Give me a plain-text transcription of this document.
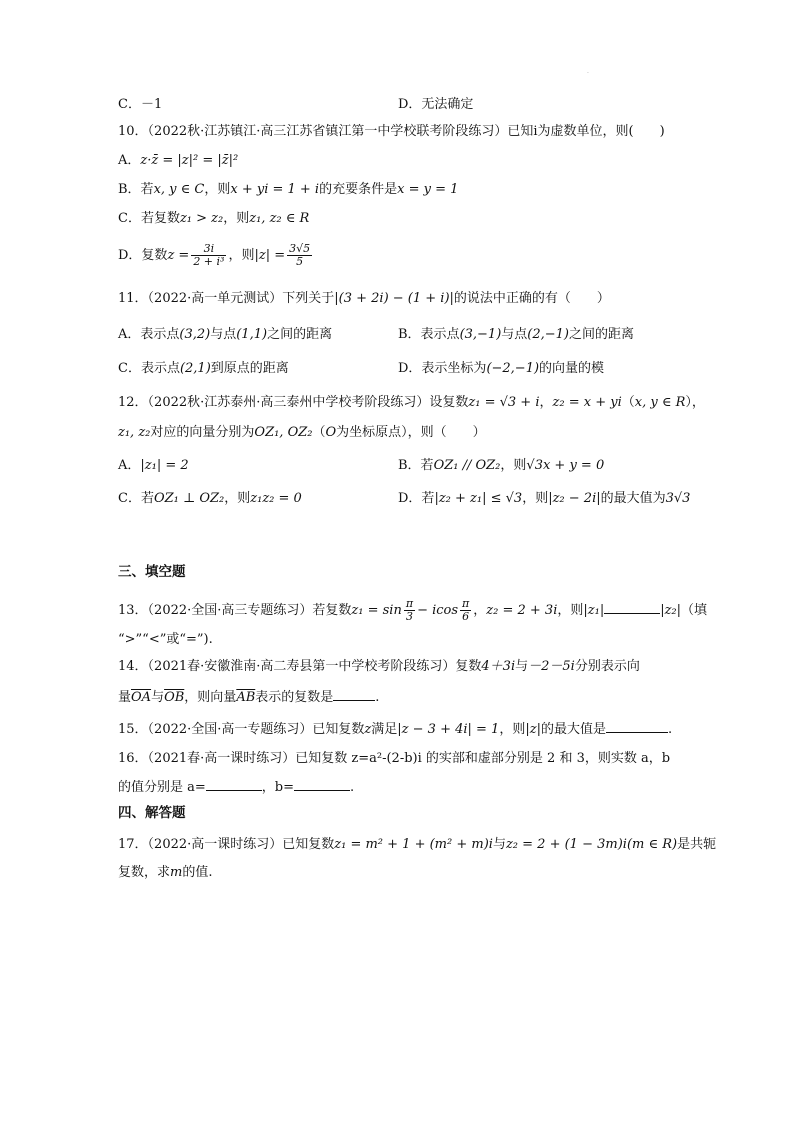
·
C．－1	D．无法确定
10．（2022秋·江苏镇江·高三江苏省镇江第一中学校联考阶段练习）已知i为虚数单位，则(　　)
A．z·z̄ = |z|² = |z̄|²
B．若x, y ∈ C，则x + yi = 1 + i的充要条件是x = y = 1
C．若复数z₁ > z₂，则z₁, z₂ ∈ R
D．复数$z = \frac{3i}{\text{2 + i³}}$ ，则$|z| = \frac{3√5}{5}$
11．（2022·高一单元测试）下列关于|(3 + 2i) − (1 + i)|的说法中正确的有（　　）
A．表示点(3,2)与点(1,1)之间的距离	B．表示点(3,−1)与点(2,−1)之间的距离
C．表示点(2,1)到原点的距离	D．表示坐标为(−2,−1)的向量的模
12．（2022秋·江苏泰州·高三泰州中学校考阶段练习）设复数z₁ = √3 + i，z₂ = x + yi（x, y ∈ R），
z₁, z₂对应的向量分别为OZ₁, OZ₂（O为坐标原点），则（　　）
A．|z₁| = 2	B．若OZ₁ // OZ₂，则√3x + y = 0
C．若OZ₁ ⊥ OZ₂，则z₁z₂ = 0	D．若|z₂ + z₁| ≤ √3，则|z₂ − 2i|的最大值为3√3
三、填空题
13．（2022·全国·高三专题练习）若复数$z_1 = \sin \frac{\pi}{3} - icos \frac{\pi}{6}$ ，z₂ = 2 + 3i，则|z₁|	|z₂|（填
“>”“<”或“=”).
14．（2021春·安徽淮南·高二寿县第一中学校考阶段练习）复数4＋3i与－2－5i分别表示向
量$\overline{OA}$与$\overline{OB}$，则向量$\overline{AB}$表示的复数是	.
15．（2022·全国·高一专题练习）已知复数z满足|z − 3 + 4i| = 1，则|z|的最大值是	.
16．（2021春·高一课时练习）已知复数 z=a²-(2-b)i 的实部和虚部分别是 2 和 3，则实数 a，b
的值分别是 a=	，b=	.
四、解答题
17．（2022·高一课时练习）已知复数z₁ = m² + 1 + (m² + m)i与z₂ = 2 + (1 − 3m)i(m ∈ R)是共轭
复数，求m的值.
